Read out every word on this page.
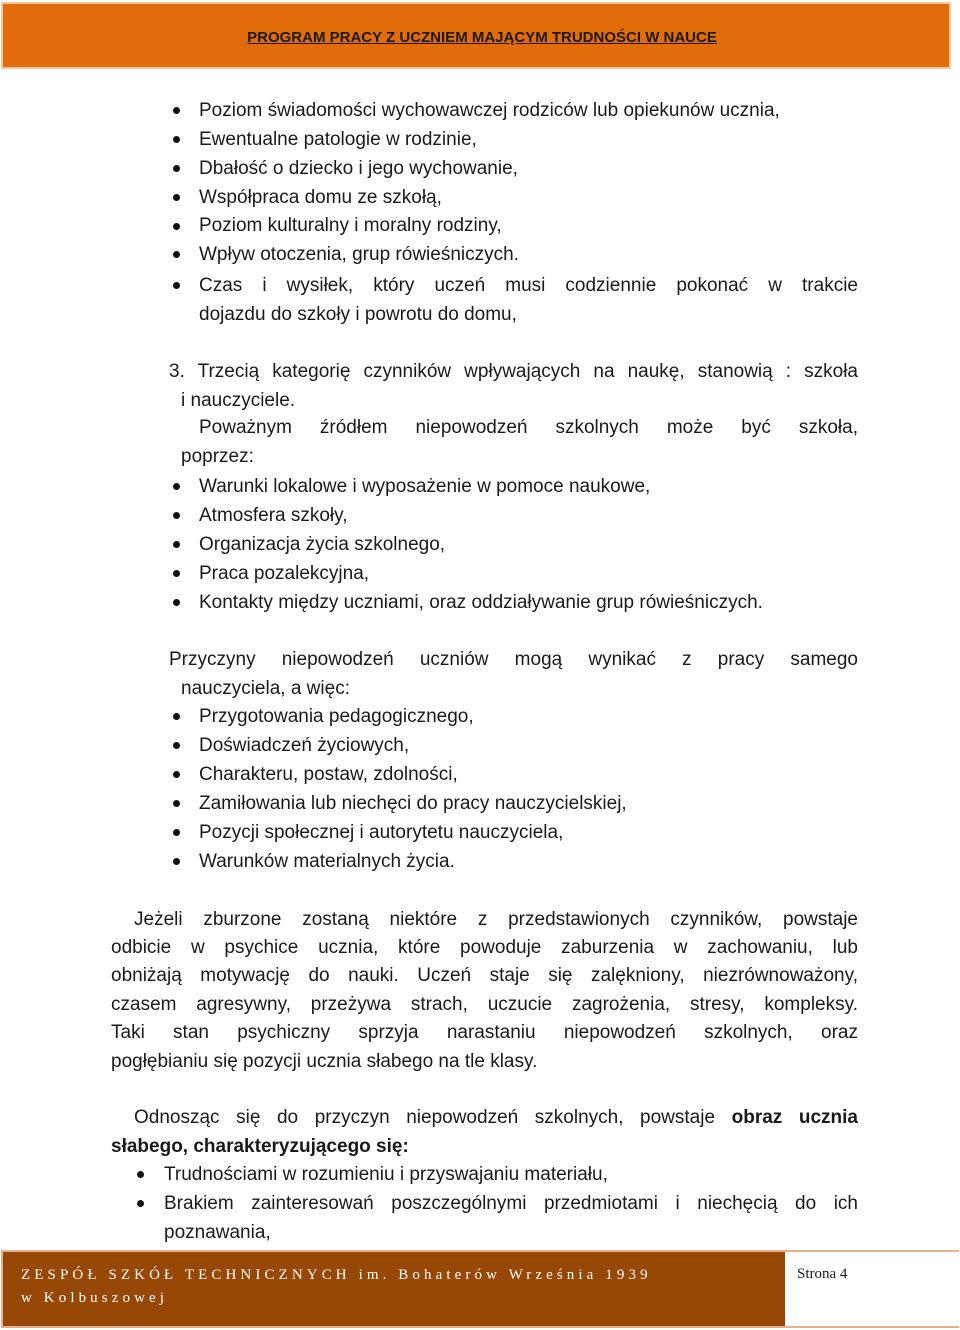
PROGRAM PRACY Z UCZNIEM MAJĄCYM TRUDNOŚCI W NAUCE
Poziom świadomości wychowawczej rodziców lub opiekunów ucznia,
Ewentualne patologie w rodzinie,
Dbałość o dziecko i jego wychowanie,
Współpraca domu ze szkołą,
Poziom kulturalny i moralny rodziny,
Wpływ otoczenia, grup rówieśniczych.
Czas i wysiłek, który uczeń musi codziennie pokonać w trakcie
dojazdu do szkoły i powrotu do domu,
3. Trzecią kategorię czynników wpływających na naukę, stanowią : szkoła
i nauczyciele.
Poważnym źródłem niepowodzeń szkolnych może być szkoła,
poprzez:
Warunki lokalowe i wyposażenie w pomoce naukowe,
Atmosfera szkoły,
Organizacja życia szkolnego,
Praca pozalekcyjna,
Kontakty między uczniami, oraz oddziaływanie grup rówieśniczych.
Przyczyny niepowodzeń uczniów mogą wynikać z pracy samego
nauczyciela, a więc:
Przygotowania pedagogicznego,
Doświadczeń życiowych,
Charakteru, postaw, zdolności,
Zamiłowania lub niechęci do pracy nauczycielskiej,
Pozycji społecznej i autorytetu nauczyciela,
Warunków materialnych życia.
Jeżeli zburzone zostaną niektóre z przedstawionych czynników, powstaje
odbicie w psychice ucznia, które powoduje zaburzenia w zachowaniu, lub
obniżają motywację do nauki. Uczeń staje się zalękniony, niezrównoważony,
czasem agresywny, przeżywa strach, uczucie zagrożenia, stresy, kompleksy.
Taki stan psychiczny sprzyja narastaniu niepowodzeń szkolnych, oraz
pogłębianiu się pozycji ucznia słabego na tle klasy.
Odnosząc się do przyczyn niepowodzeń szkolnych, powstaje obraz ucznia
słabego, charakteryzującego się:
Trudnościami w rozumieniu i przyswajaniu materiału,
Brakiem zainteresowań poszczególnymi przedmiotami i niechęcią do ich
poznawania,
ZESPÓŁ SZKÓŁ TECHNICZNYCH im. Bohaterów Września 1939
w Kolbuszowej
Strona 4
